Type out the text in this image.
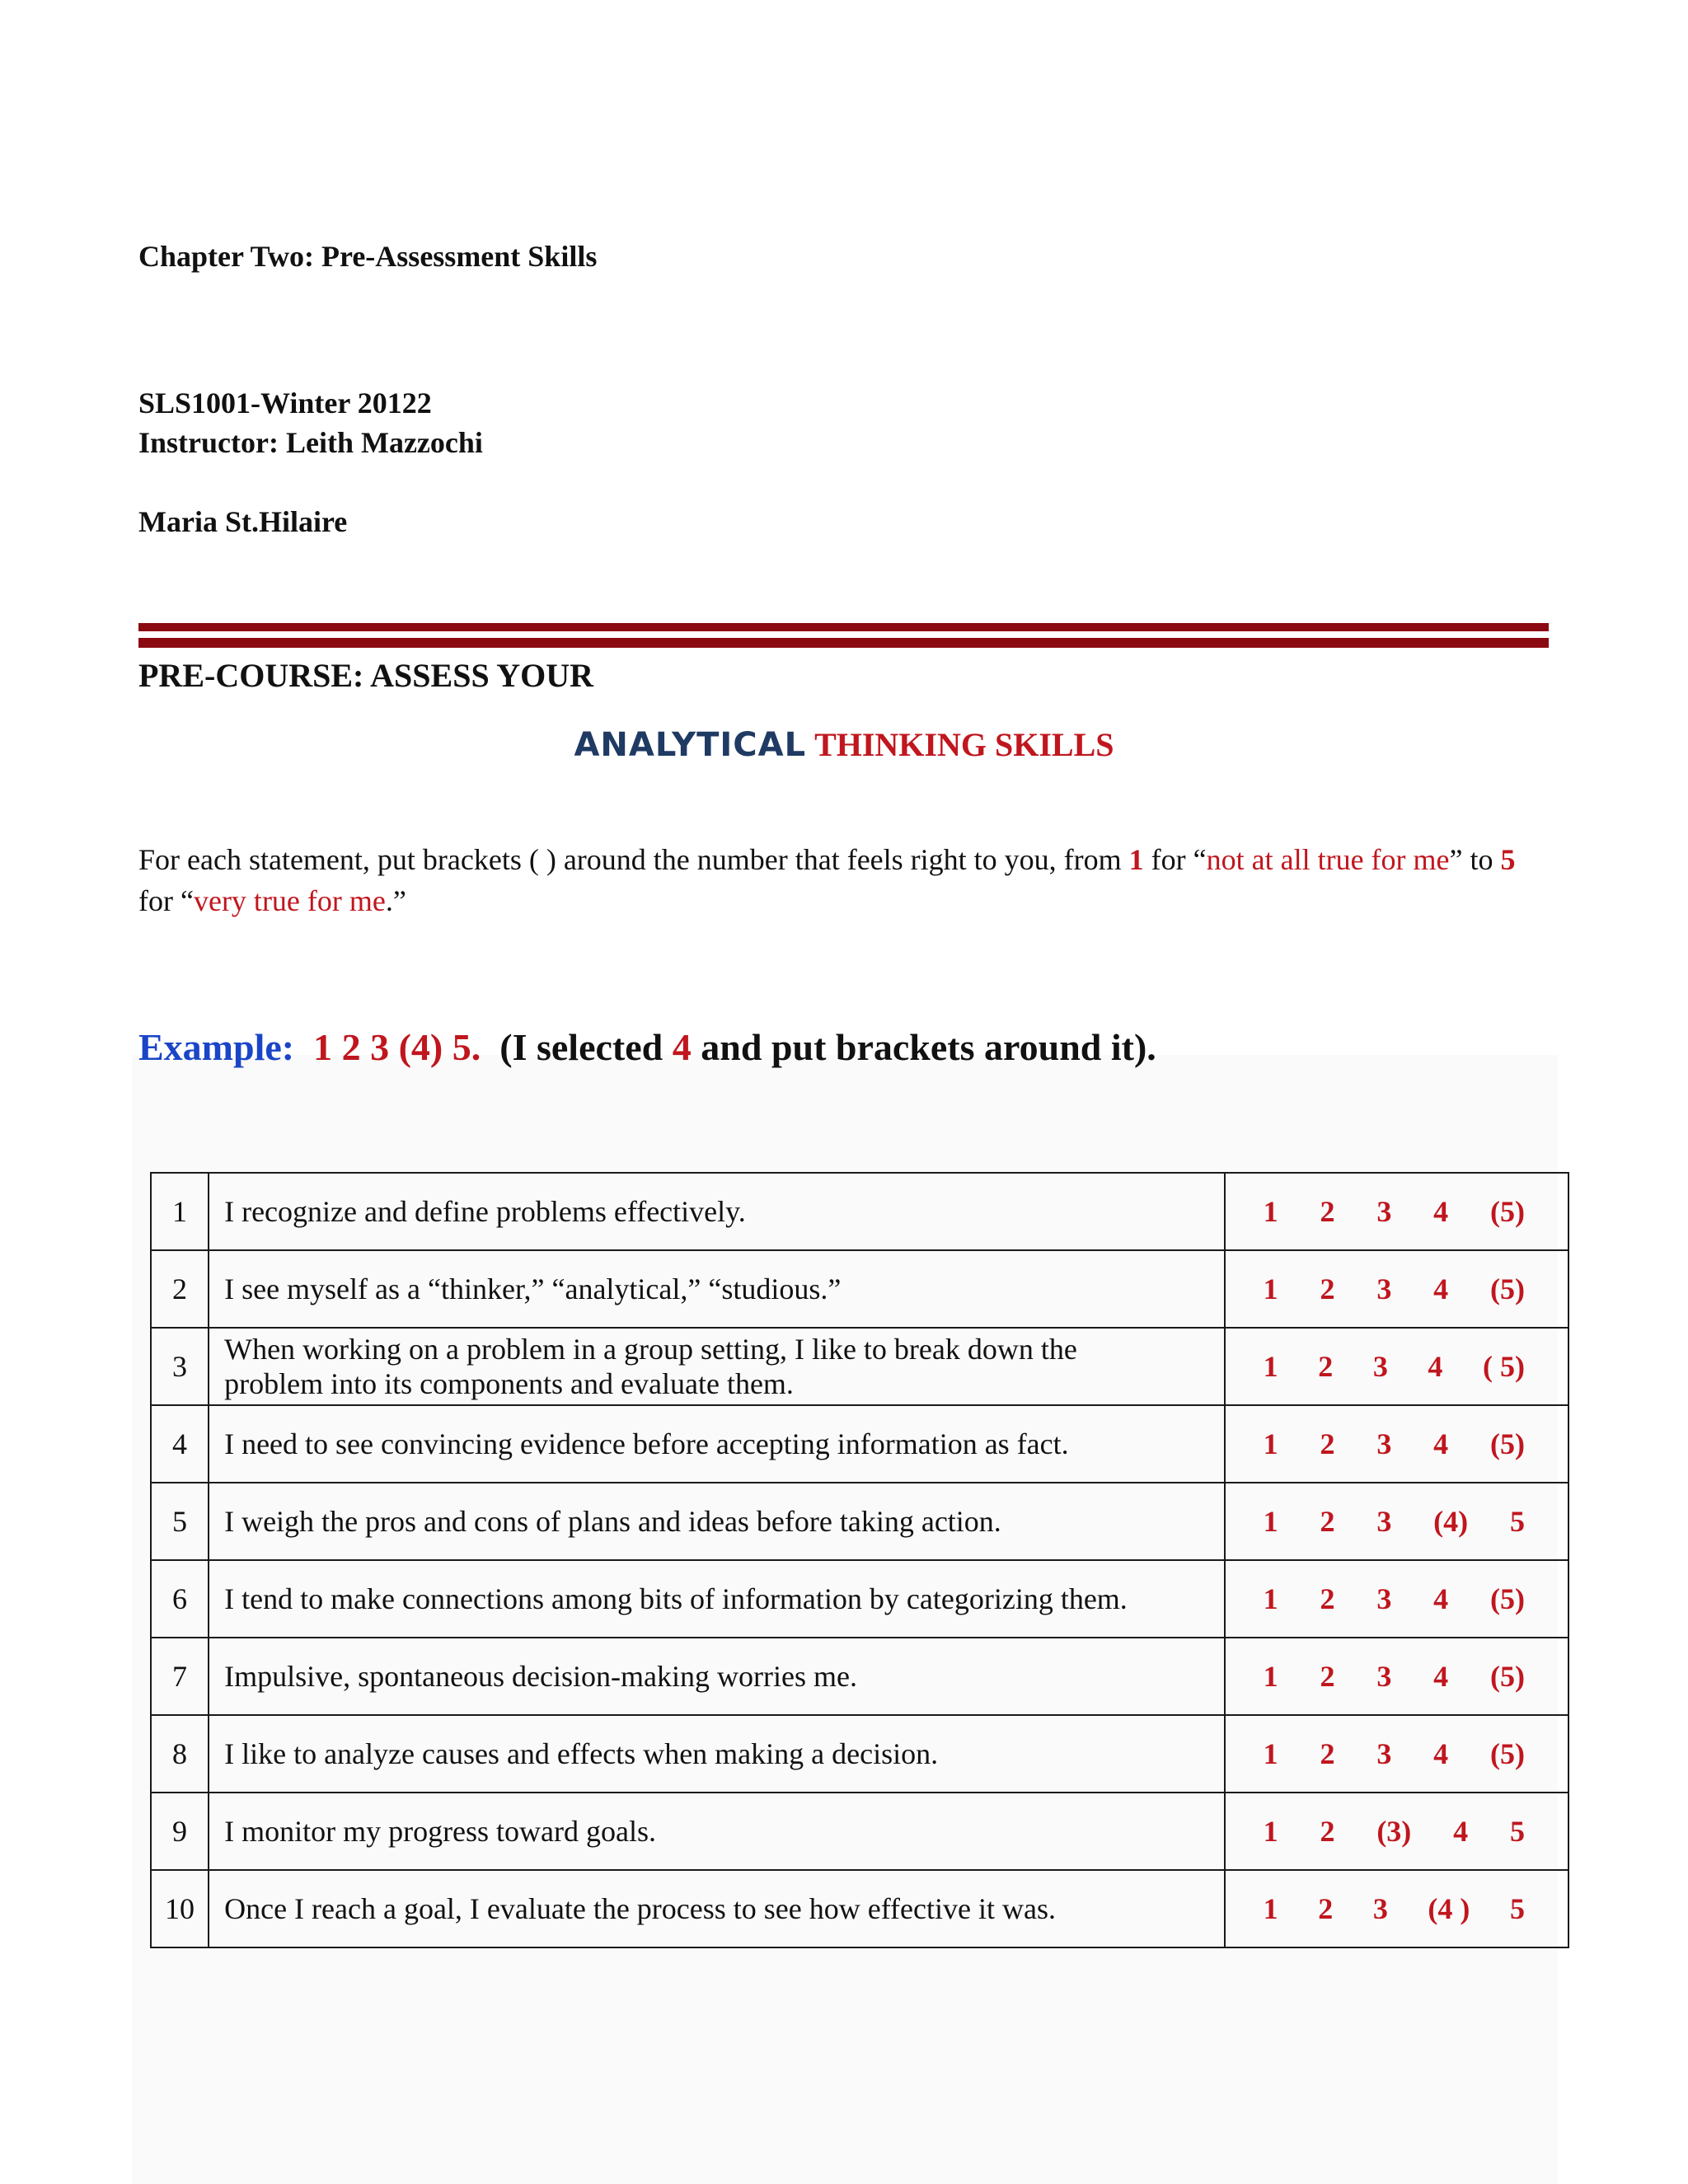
Chapter Two: Pre-Assessment Skills
SLS1001-Winter 20122
Instructor: Leith Mazzochi
Maria St.Hilaire
PRE-COURSE: ASSESS YOUR
ANALYTICAL THINKING SKILLS
For each statement, put brackets ( ) around the number that feels right to you, from 1 for “not at all true for me” to 5 for “very true for me.”
Example: 1 2 3 (4) 5.  (I selected 4 and put brackets around it).
1	I recognize and define problems effectively.	1 2 3 4 (5)

2	I see myself as a “thinker,” “analytical,” “studious.”	1 2 3 4 (5)

3	When working on a problem in a group setting, I like to break down the problem into its components and evaluate them.	1 2 3 4 ( 5)

4	I need to see convincing evidence before accepting information as fact.	1 2 3 4 (5)

5	I weigh the pros and cons of plans and ideas before taking action.	1 2 3 (4) 5

6	I tend to make connections among bits of information by categorizing them.	1 2 3 4 (5)

7	Impulsive, spontaneous decision-making worries me.	1 2 3 4 (5)

8	I like to analyze causes and effects when making a decision.	1 2 3 4 (5)

9	I monitor my progress toward goals.	1 2 (3) 4 5

10	Once I reach a goal, I evaluate the process to see how effective it was.	1 2 3 (4 ) 5
